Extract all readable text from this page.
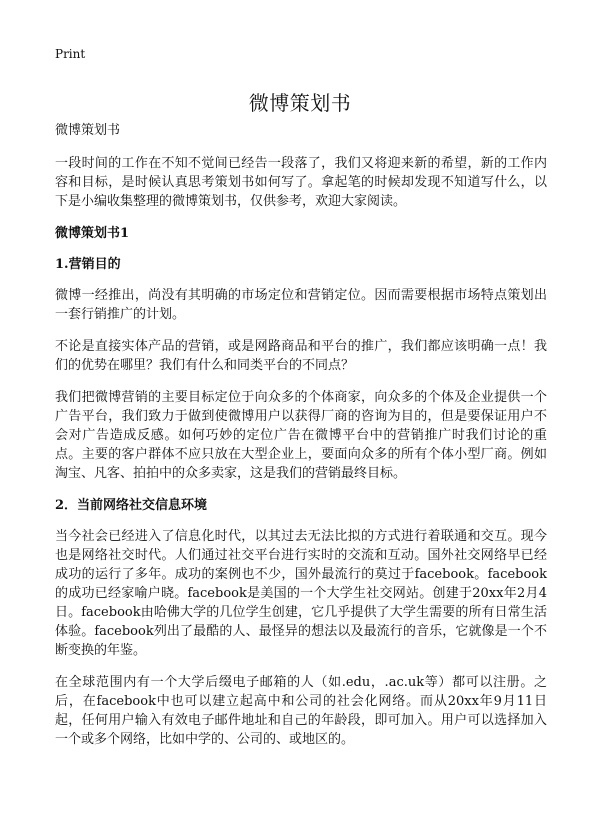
Print
微博策划书

微博策划书

一段时间的工作在不知不觉间已经告一段落了，我们又将迎来新的希望，新的工作内容和目标，是时候认真思考策划书如何写了。拿起笔的时候却发现不知道写什么，以下是小编收集整理的微博策划书，仅供参考，欢迎大家阅读。

微博策划书1

1.营销目的

微博一经推出，尚没有其明确的市场定位和营销定位。因而需要根据市场特点策划出一套行销推广的计划。

不论是直接实体产品的营销，或是网路商品和平台的推广，我们都应该明确一点！我们的优势在哪里？我们有什么和同类平台的不同点？

我们把微博营销的主要目标定位于向众多的个体商家，向众多的个体及企业提供一个广告平台，我们致力于做到使微博用户以获得厂商的咨询为目的，但是要保证用户不会对广告造成反感。如何巧妙的定位广告在微博平台中的营销推广时我们讨论的重点。主要的客户群体不应只放在大型企业上，要面向众多的所有个体小型厂商。例如淘宝、凡客、拍拍中的众多卖家，这是我们的营销最终目标。

2．当前网络社交信息环境

当今社会已经进入了信息化时代，以其过去无法比拟的方式进行着联通和交互。现今也是网络社交时代。人们通过社交平台进行实时的交流和互动。国外社交网络早已经成功的运行了多年。成功的案例也不少，国外最流行的莫过于facebook。facebook的成功已经家喻户晓。facebook是美国的一个大学生社交网站。创建于20xx年2月4日。facebook由哈佛大学的几位学生创建，它几乎提供了大学生需要的所有日常生活体验。facebook列出了最酷的人、最怪异的想法以及最流行的音乐，它就像是一个不断变换的年鉴。

在全球范围内有一个大学后缀电子邮箱的人（如.edu，.ac.uk等）都可以注册。之后，在facebook中也可以建立起高中和公司的社会化网络。而从20xx年9月11日起，任何用户输入有效电子邮件地址和自己的年龄段，即可加入。用户可以选择加入一个或多个网络，比如中学的、公司的、或地区的。
